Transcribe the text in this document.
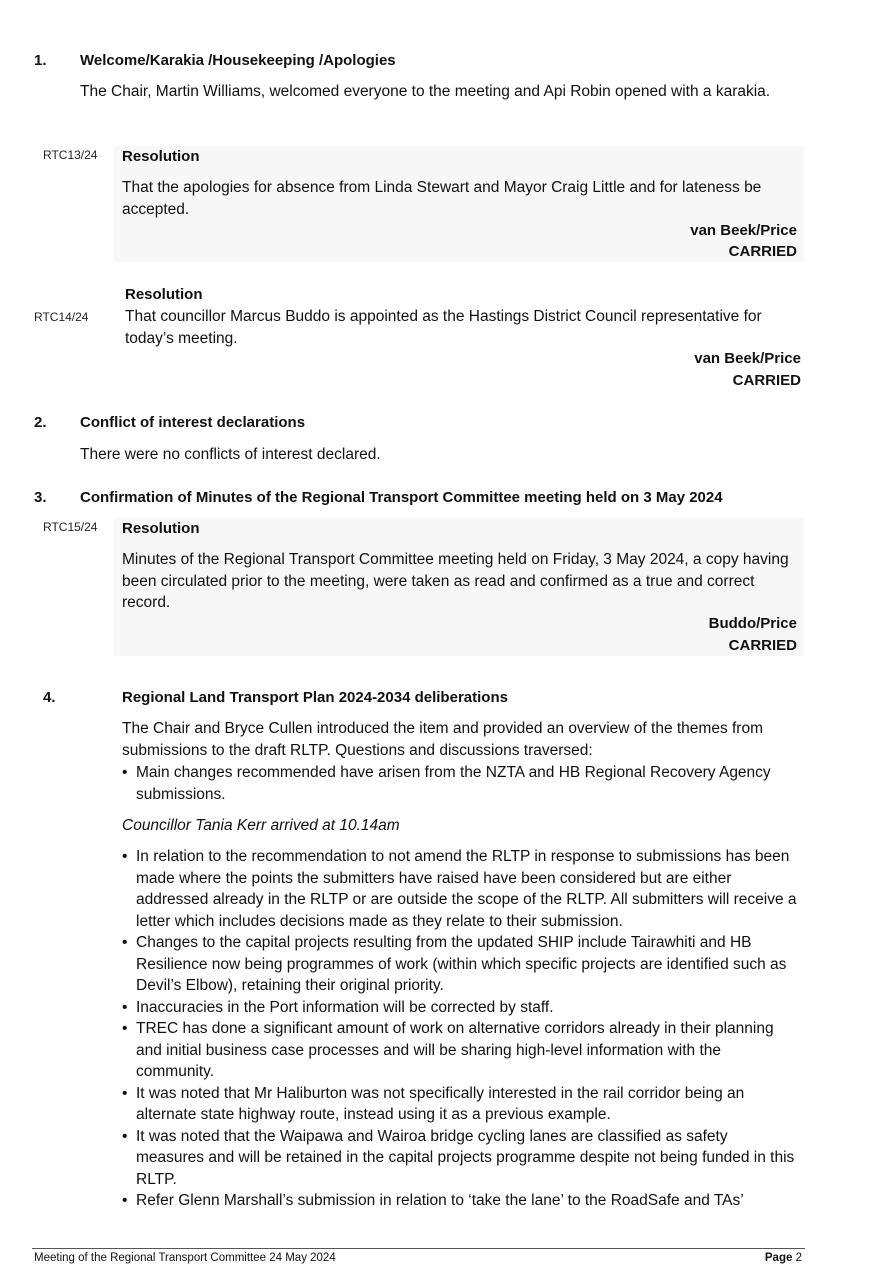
1. Welcome/Karakia /Housekeeping /Apologies
The Chair, Martin Williams, welcomed everyone to the meeting and Api Robin opened with a karakia.
RTC13/24 Resolution
That the apologies for absence from Linda Stewart and Mayor Craig Little and for lateness be accepted.
van Beek/Price
CARRIED
Resolution
RTC14/24 That councillor Marcus Buddo is appointed as the Hastings District Council representative for today’s meeting.
van Beek/Price
CARRIED
2. Conflict of interest declarations
There were no conflicts of interest declared.
3. Confirmation of Minutes of the Regional Transport Committee meeting held on 3 May 2024
RTC15/24 Resolution
Minutes of the Regional Transport Committee meeting held on Friday, 3 May 2024, a copy having been circulated prior to the meeting, were taken as read and confirmed as a true and correct record.
Buddo/Price
CARRIED
4.	Regional Land Transport Plan 2024-2034 deliberations
The Chair and Bryce Cullen introduced the item and provided an overview of the themes from submissions to the draft RLTP. Questions and discussions traversed:
• Main changes recommended have arisen from the NZTA and HB Regional Recovery Agency submissions.
Councillor Tania Kerr arrived at 10.14am
• In relation to the recommendation to not amend the RLTP in response to submissions has been made where the points the submitters have raised have been considered but are either addressed already in the RLTP or are outside the scope of the RLTP. All submitters will receive a letter which includes decisions made as they relate to their submission.
• Changes to the capital projects resulting from the updated SHIP include Tairawhiti and HB Resilience now being programmes of work (within which specific projects are identified such as Devil’s Elbow), retaining their original priority.
• Inaccuracies in the Port information will be corrected by staff.
• TREC has done a significant amount of work on alternative corridors already in their planning and initial business case processes and will be sharing high-level information with the community.
• It was noted that Mr Haliburton was not specifically interested in the rail corridor being an alternate state highway route, instead using it as a previous example.
• It was noted that the Waipawa and Wairoa bridge cycling lanes are classified as safety measures and will be retained in the capital projects programme despite not being funded in this RLTP.
• Refer Glenn Marshall’s submission in relation to ‘take the lane’ to the RoadSafe and TAs’
Meeting of the Regional Transport Committee 24 May 2024	Page 2
